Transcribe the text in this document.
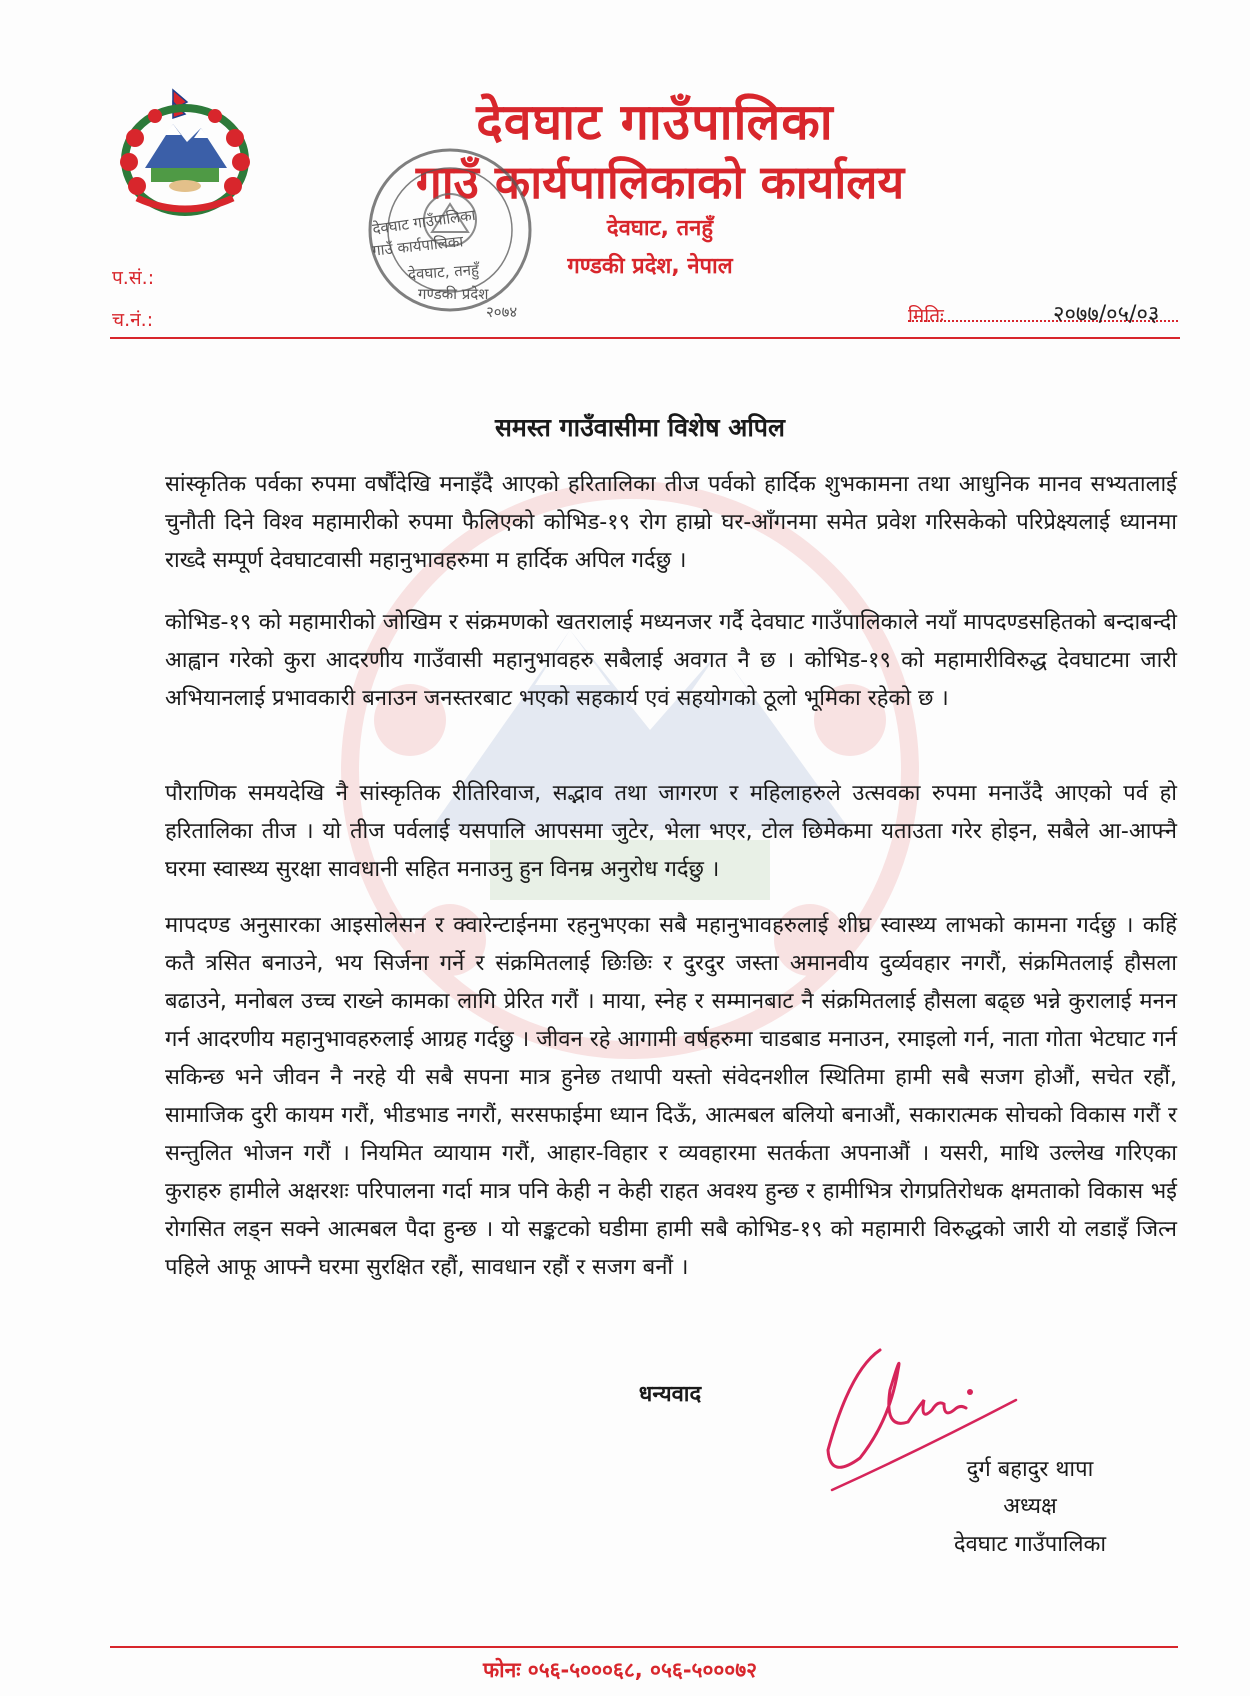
देवघाट गाउँपालिका
गाउँ कार्यपालिकाको कार्यालय
देवघाट, तनहुँ
गण्डकी प्रदेश, नेपाल
देवघाट गाउँपालिका
गाउँ कार्यपालिका
देवघाट, तनहुँ
गण्डकी प्रदेश
२०७४
प.सं.:
च.नं.:	मितिः	२०७७/०५/०३
समस्त गाउँवासीमा विशेष अपिल

सांस्कृतिक पर्वका रुपमा वर्षौंदेखि मनाइँदै आएको हरितालिका तीज पर्वको हार्दिक शुभकामना तथा आधुनिक मानव सभ्यतालाई चुनौती दिने विश्व महामारीको रुपमा फैलिएको कोभिड-१९ रोग हाम्रो घर-आँगनमा समेत प्रवेश गरिसकेको परिप्रेक्ष्यलाई ध्यानमा राख्दै सम्पूर्ण देवघाटवासी महानुभावहरुमा म हार्दिक अपिल गर्दछु ।

कोभिड-१९ को महामारीको जोखिम र संक्रमणको खतरालाई मध्यनजर गर्दै देवघाट गाउँपालिकाले नयाँ मापदण्डसहितको बन्दाबन्दी आह्वान गरेको कुरा आदरणीय गाउँवासी महानुभावहरु सबैलाई अवगत नै छ । कोभिड-१९ को महामारीविरुद्ध देवघाटमा जारी अभियानलाई प्रभावकारी बनाउन जनस्तरबाट भएको सहकार्य एवं सहयोगको ठूलो भूमिका रहेको छ ।

पौराणिक समयदेखि नै सांस्कृतिक रीतिरिवाज, सद्भाव तथा जागरण र महिलाहरुले उत्सवका रुपमा मनाउँदै आएको पर्व हो हरितालिका तीज । यो तीज पर्वलाई यसपालि आपसमा जुटेर, भेला भएर, टोल छिमेकमा यताउता गरेर होइन, सबैले आ-आफ्नै घरमा स्वास्थ्य सुरक्षा सावधानी सहित मनाउनु हुन विनम्र अनुरोध गर्दछु ।

मापदण्ड अनुसारका आइसोलेसन र क्वारेन्टाईनमा रहनुभएका सबै महानुभावहरुलाई शीघ्र स्वास्थ्य लाभको कामना गर्दछु । कहिं कतै त्रसित बनाउने, भय सिर्जना गर्ने र संक्रमितलाई छिःछिः र दुरदुर जस्ता अमानवीय दुर्व्यवहार नगरौं, संक्रमितलाई हौसला बढाउने, मनोबल उच्च राख्ने कामका लागि प्रेरित गरौं । माया, स्नेह र सम्मानबाट नै संक्रमितलाई हौसला बढ्छ भन्ने कुरालाई मनन गर्न आदरणीय महानुभावहरुलाई आग्रह गर्दछु । जीवन रहे आगामी वर्षहरुमा चाडबाड मनाउन, रमाइलो गर्न, नाता गोता भेटघाट गर्न सकिन्छ भने जीवन नै नरहे यी सबै सपना मात्र हुनेछ तथापी यस्तो संवेदनशील स्थितिमा हामी सबै सजग होऔं, सचेत रहौं, सामाजिक दुरी कायम गरौं, भीडभाड नगरौं, सरसफाईमा ध्यान दिऊँ, आत्मबल बलियो बनाऔं, सकारात्मक सोचको विकास गरौं र सन्तुलित भोजन गरौं । नियमित व्यायाम गरौं, आहार-विहार र व्यवहारमा सतर्कता अपनाऔं । यसरी, माथि उल्लेख गरिएका कुराहरु हामीले अक्षरशः परिपालना गर्दा मात्र पनि केही न केही राहत अवश्य हुन्छ र हामीभित्र रोगप्रतिरोधक क्षमताको विकास भई रोगसित लड्न सक्ने आत्मबल पैदा हुन्छ । यो सङ्कटको घडीमा हामी सबै कोभिड-१९ को महामारी विरुद्धको जारी यो लडाइँ जित्न पहिले आफू आफ्नै घरमा सुरक्षित रहौं, सावधान रहौं र सजग बनौं ।

धन्यवाद
दुर्ग बहादुर थापा
अध्यक्ष
देवघाट गाउँपालिका
फोनः ०५६-५०००६८, ०५६-५०००७२
